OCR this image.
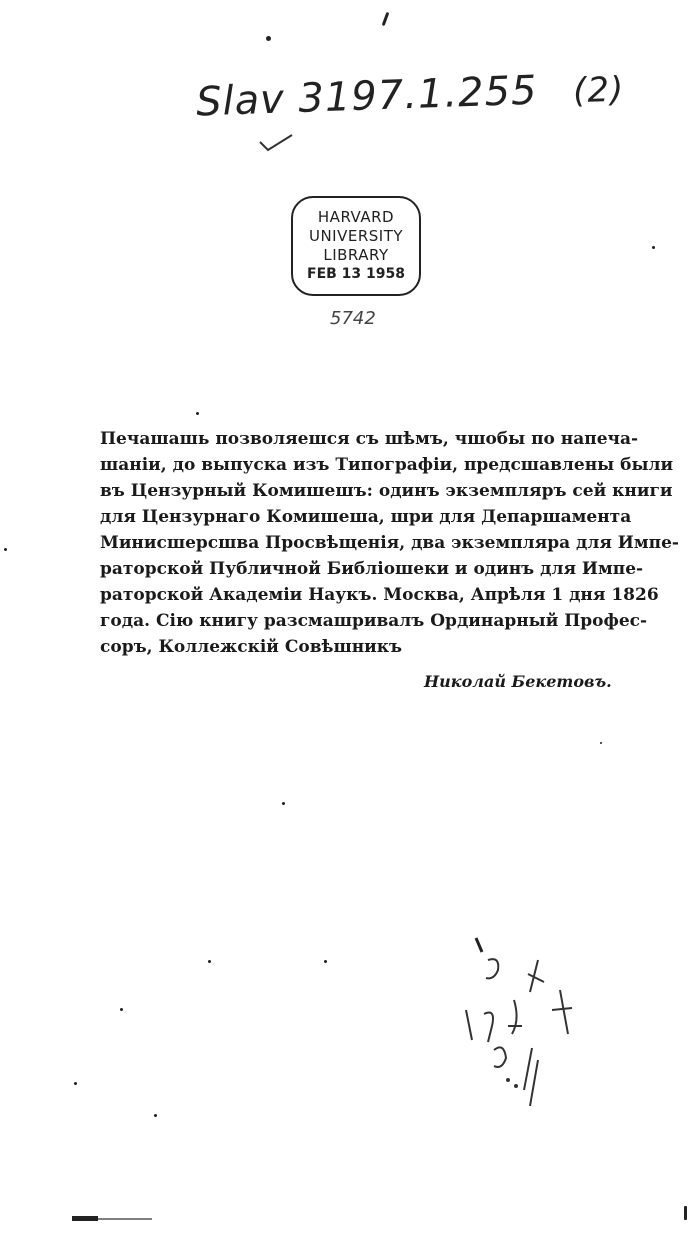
Slav 3197.1.255 (2)
HARVARD
UNIVERSITY
LIBRARY
FEB 13 1958
5742
Печашашь позволяешся съ шѣмъ, чшобы по напеча-
шаніи, до выпуска изъ Типографіи, предсшавлены были
въ Цензурный Комишешъ: одинъ экземпляръ сей книги
для Цензурнаго Комишеша, шри для Депаршамента
Минисшерсшва Просвѣщенія, два экземпляра для Импе-
раторской Публичной Библіошеки и одинъ для Импе-
раторской Академіи Наукъ. Москва, Апрѣля 1 дня 1826
года. Сію книгу разсмашривалъ Ординарный Профес-
соръ, Коллежскій Совѣшникъ
Николай Бекетовъ.
